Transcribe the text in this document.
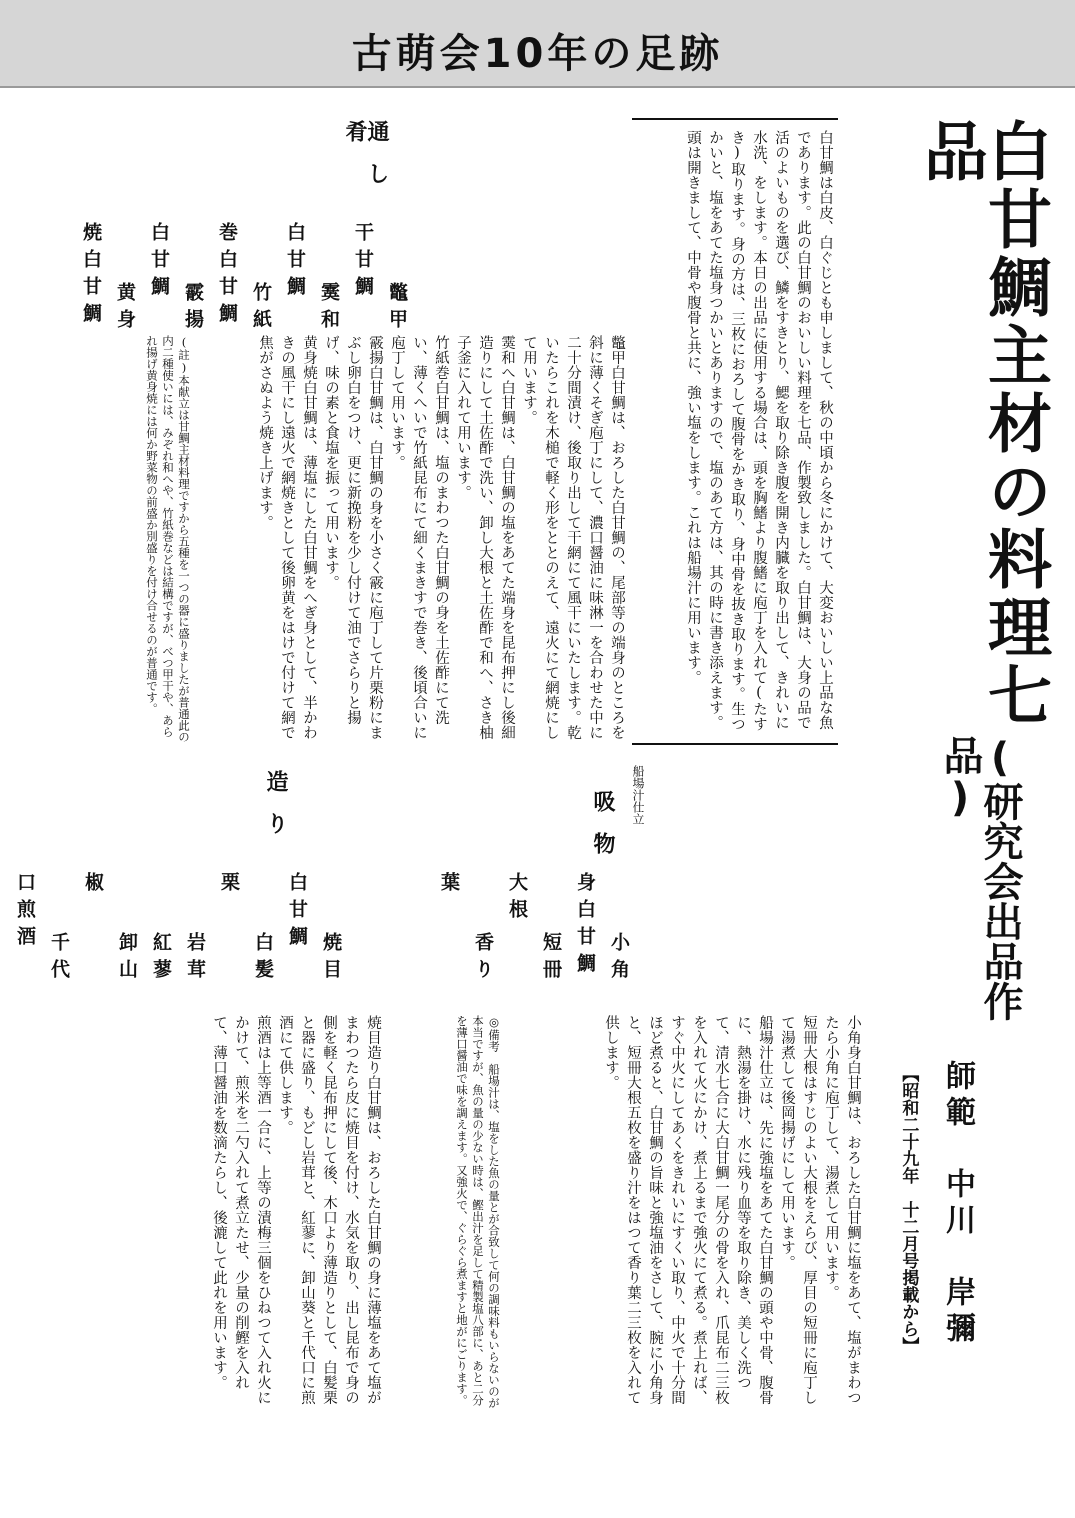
古萌会10年の足跡
白甘鯛主材の料理七品
(研究会出品作品)
師範　中川　岸彌
【昭和二十九年　十二月号掲載から】
白甘鯛は白皮、白ぐじとも申しまして、秋の中頃から冬にかけて、大変おいしい上品な魚であります。此の白甘鯛のおいしい料理を七品、作製致しました。白甘鯛は、大身の品で活のよいものを選び、鱗をすきとり、鰓を取り除き腹を開き内臓を取り出して、きれいに水洗、をします。本日の出品に使用する場合は、頭を胸鰭より腹鰭に庖丁を入れて(たすき)取ります。身の方は、三枚におろして腹骨をかき取り、身中骨を抜き取ります。生つかいと、塩をあてた塩身つかいとありますので、塩のあて方は、其の時に書き添えます。頭は開きまして、中骨や腹骨と共に、強い塩をします。これは船場汁に用います。
通し肴

鼈甲干甘鯛
霙和白甘鯛
竹紙巻白甘鯛
霰揚白甘鯛
黄身焼白甘鯛

鼈甲白甘鯛は、おろした白甘鯛の、尾部等の端身のところを斜に薄くそぎ庖丁にして、濃口醤油に味淋一を合わせた中に二十分間漬け、後取り出して干網にて風干にいたします。乾いたらこれを木槌で軽く形をととのえて、遠火にて網焼にして用います。
霙和へ白甘鯛は、白甘鯛の塩をあてた端身を昆布押にし後細造りにして土佐酢で洗い、卸し大根と土佐酢で和へ、さき柚子釜に入れて用います。
竹紙巻白甘鯛は、塩のまわつた白甘鯛の身を土佐酢にて洗い、薄くへいで竹紙昆布にて細くまきすで巻き、後頃合いに庖丁して用います。
霰揚白甘鯛は、白甘鯛の身を小さく霰に庖丁して片栗粉にまぶし卵白をつけ、更に新挽粉を少し付けて油でさらりと揚げ、味の素と食塩を振って用います。
黄身焼白甘鯛は、薄塩にした白甘鯛をへぎ身として、半かわきの風干にし遠火で網焼きとして後卵黄をはけで付けて網で焦がさぬよう焼き上げます。
(註)本献立は甘鯛主材料理ですから五種を一つの器に盛りましたが普通此の内二種使いには、みぞれ和へや、竹紙巻などは結構ですが、べつ甲干や、あられ揚げ黄身焼には何か野菜物の前盛か別盛りを付け合せるのが普通です。
船場汁仕立
吸物

小角身白甘鯛
短冊大根
香り葉

小角身白甘鯛は、おろした白甘鯛に塩をあて、塩がまわつたら小角に庖丁して、湯煮して用います。
短冊大根はすじのよい大根をえらび、厚目の短冊に庖丁して湯煮して後岡揚げにして用います。
船場汁仕立は、先に強塩をあてた白甘鯛の頭や中骨、腹骨に、熱湯を掛け、水に残り血等を取り除き、美しく洗つて、清水七合に大白甘鯛一尾分の骨を入れ、爪昆布二三枚を入れて火にかけ、煮上るまで強火にて煮る。煮上れば、すぐ中火にしてあくをきれいにすくい取り、中火で十分間ほど煮ると、白甘鯛の旨味と強塩油をさして、腕に小角身と、短冊大根五枚を盛り汁をはつて香り葉二三枚を入れて供します。
◎備考　船場汁は、塩をした魚の量とが合致して何の調味料もいらないのが本当ですが、魚の量の少ない時は、鰹出汁を足して精製塩八部に、あと二分を薄口醤油で味を調えます。又強火で、ぐらぐら煮ますと地がにごります。
造り

焼目白甘鯛
白髪栗
岩茸
紅蓼
卸山椒
千代口煎酒

焼目造り白甘鯛は、おろした白甘鯛の身に薄塩をあて塩がまわつたら皮に焼目を付け、水気を取り、出し昆布で身の側を軽く昆布押にして後、木口より薄造りとして、白髪栗と器に盛り、もどし岩茸と、紅蓼に、卸山葵と千代口に煎酒にて供します。
煎酒は上等酒一合に、上等の漬梅三個をひねつて入れ火にかけて、煎米を二勺入れて煮立たせ、少量の削鰹を入れて、薄口醤油を数滴たらし、後漉して此れを用います。
